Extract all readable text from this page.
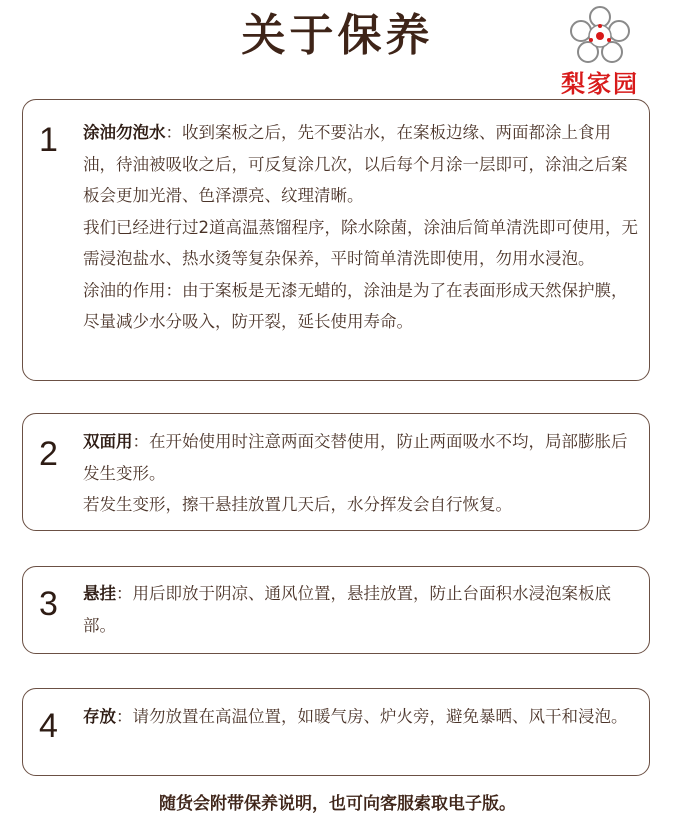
关于保养
梨家园
1 涂油勿泡水：收到案板之后，先不要沾水，在案板边缘、两面都涂上食用油，待油被吸收之后，可反复涂几次，以后每个月涂一层即可，涂油之后案板会更加光滑、色泽漂亮、纹理清晰。

我们已经进行过2道高温蒸馏程序，除水除菌，涂油后简单清洗即可使用，无需浸泡盐水、热水烫等复杂保养，平时简单清洗即使用，勿用水浸泡。

涂油的作用：由于案板是无漆无蜡的，涂油是为了在表面形成天然保护膜，尽量减少水分吸入，防开裂，延长使用寿命。

2 双面用：在开始使用时注意两面交替使用，防止两面吸水不均，局部膨胀后发生变形。

若发生变形，擦干悬挂放置几天后，水分挥发会自行恢复。

3 悬挂：用后即放于阴凉、通风位置，悬挂放置，防止台面积水浸泡案板底部。

4 存放：请勿放置在高温位置，如暖气房、炉火旁，避免暴晒、风干和浸泡。

随货会附带保养说明，也可向客服索取电子版。
